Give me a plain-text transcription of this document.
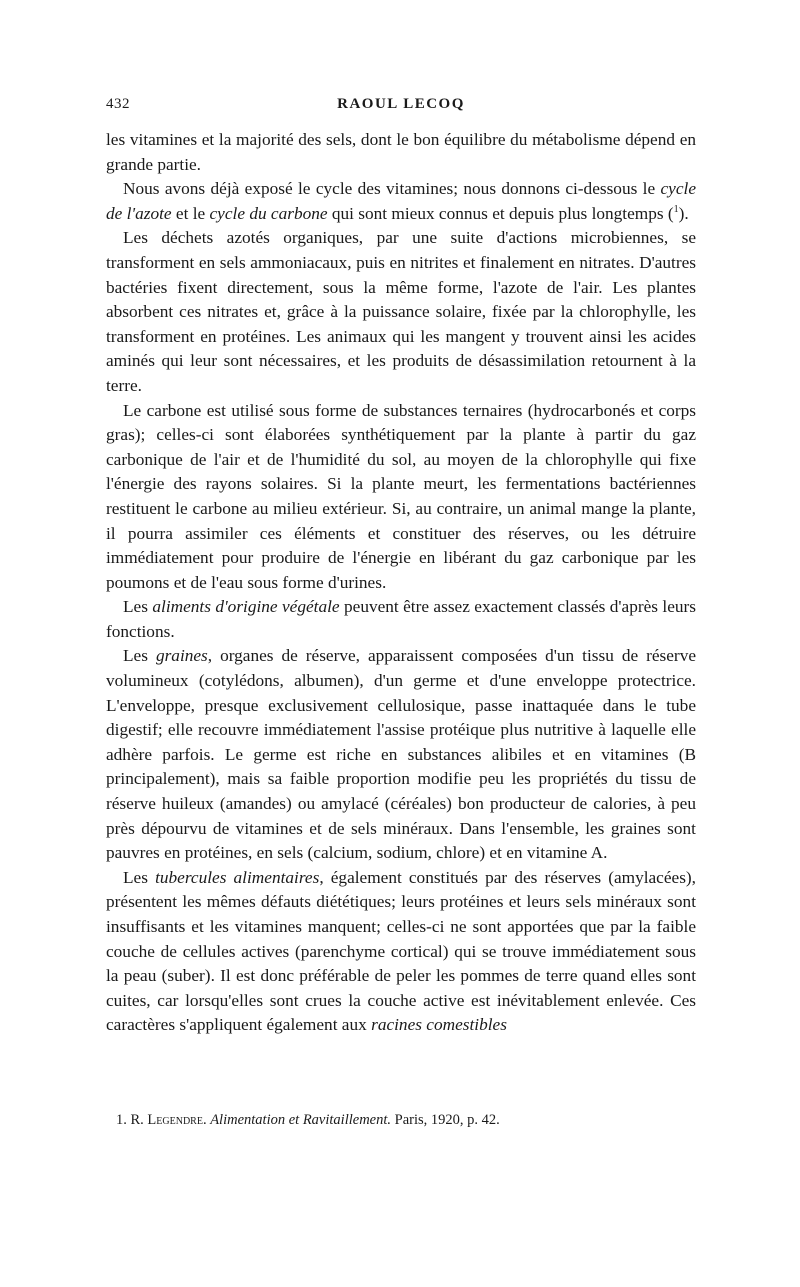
432	RAOUL LECOQ

les vitamines et la majorité des sels, dont le bon équilibre du métabolisme dépend en grande partie.

Nous avons déjà exposé le cycle des vitamines; nous donnons ci-dessous le cycle de l'azote et le cycle du carbone qui sont mieux connus et depuis plus longtemps ($^1$).

Les déchets azotés organiques, par une suite d'actions microbiennes, se transforment en sels ammoniacaux, puis en nitrites et finalement en nitrates. D'autres bactéries fixent directement, sous la même forme, l'azote de l'air. Les plantes absorbent ces nitrates et, grâce à la puissance solaire, fixée par la chlorophylle, les transforment en protéines. Les animaux qui les mangent y trouvent ainsi les acides aminés qui leur sont nécessaires, et les produits de désassimilation retournent à la terre.

Le carbone est utilisé sous forme de substances ternaires (hydrocarbonés et corps gras); celles-ci sont élaborées synthétiquement par la plante à partir du gaz carbonique de l'air et de l'humidité du sol, au moyen de la chlorophylle qui fixe l'énergie des rayons solaires. Si la plante meurt, les fermentations bactériennes restituent le carbone au milieu extérieur. Si, au contraire, un animal mange la plante, il pourra assimiler ces éléments et constituer des réserves, ou les détruire immédiatement pour produire de l'énergie en libérant du gaz carbonique par les poumons et de l'eau sous forme d'urines.

Les aliments d'origine végétale peuvent être assez exactement classés d'après leurs fonctions.

Les graines, organes de réserve, apparaissent composées d'un tissu de réserve volumineux (cotylédons, albumen), d'un germe et d'une enveloppe protectrice. L'enveloppe, presque exclusivement cellulosique, passe inattaquée dans le tube digestif; elle recouvre immédiatement l'assise protéique plus nutritive à laquelle elle adhère parfois. Le germe est riche en substances alibiles et en vitamines (B principalement), mais sa faible proportion modifie peu les propriétés du tissu de réserve huileux (amandes) ou amylacé (céréales) bon producteur de calories, à peu près dépourvu de vitamines et de sels minéraux. Dans l'ensemble, les graines sont pauvres en protéines, en sels (calcium, sodium, chlore) et en vitamine A.

Les tubercules alimentaires, également constitués par des réserves (amylacées), présentent les mêmes défauts diététiques; leurs protéines et leurs sels minéraux sont insuffisants et les vitamines manquent; celles-ci ne sont apportées que par la faible couche de cellules actives (parenchyme cortical) qui se trouve immédiatement sous la peau (suber). Il est donc préférable de peler les pommes de terre quand elles sont cuites, car lorsqu'elles sont crues la couche active est inévitablement enlevée. Ces caractères s'appliquent également aux racines comestibles

1. R. Legendre. Alimentation et Ravitaillement. Paris, 1920, p. 42.
